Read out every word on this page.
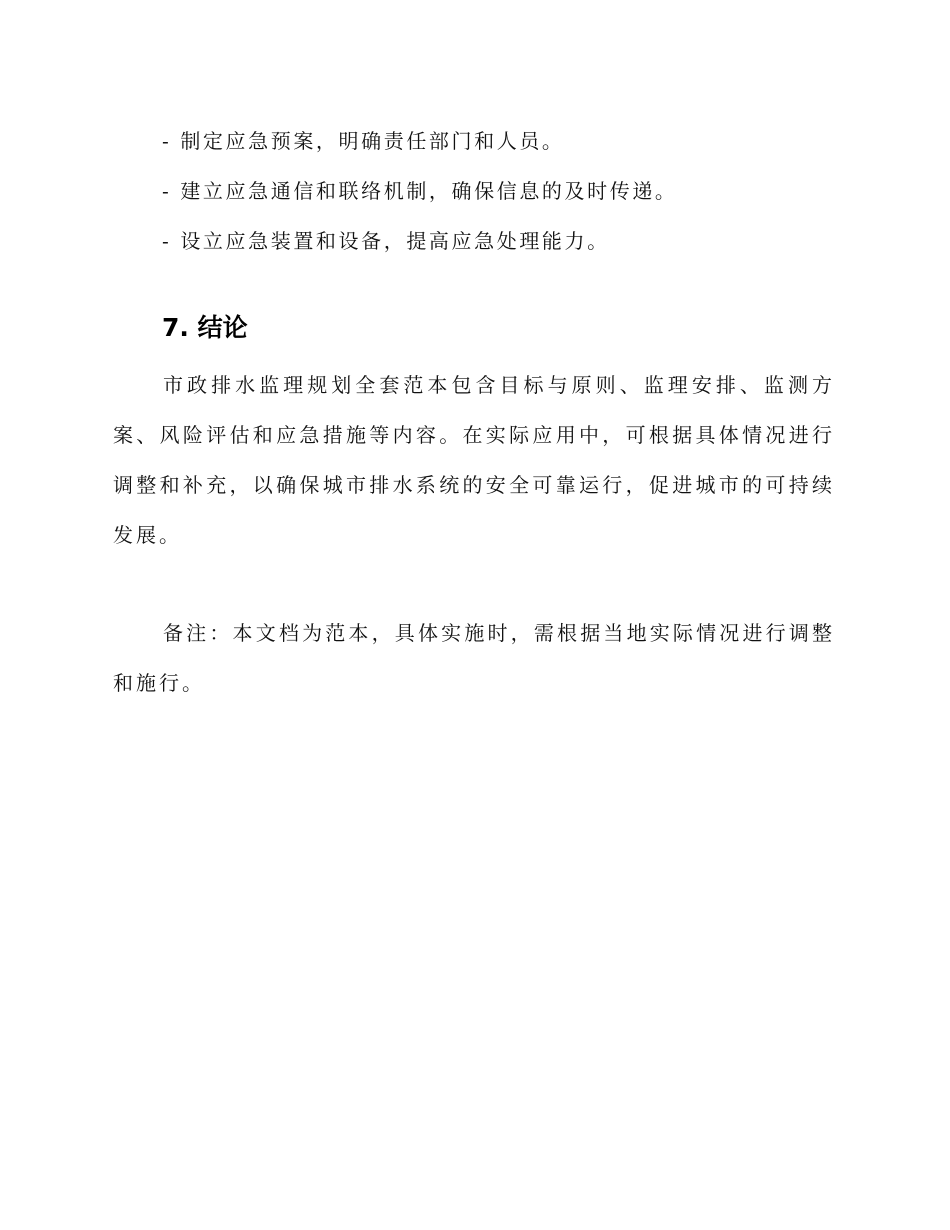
- 制定应急预案，明确责任部门和人员。
- 建立应急通信和联络机制，确保信息的及时传递。
- 设立应急装置和设备，提高应急处理能力。
7. 结论

市政排水监理规划全套范本包含目标与原则、监理安排、监测方案、风险评估和应急措施等内容。在实际应用中，可根据具体情况进行调整和补充，以确保城市排水系统的安全可靠运行，促进城市的可持续发展。

备注：本文档为范本，具体实施时，需根据当地实际情况进行调整和施行。
